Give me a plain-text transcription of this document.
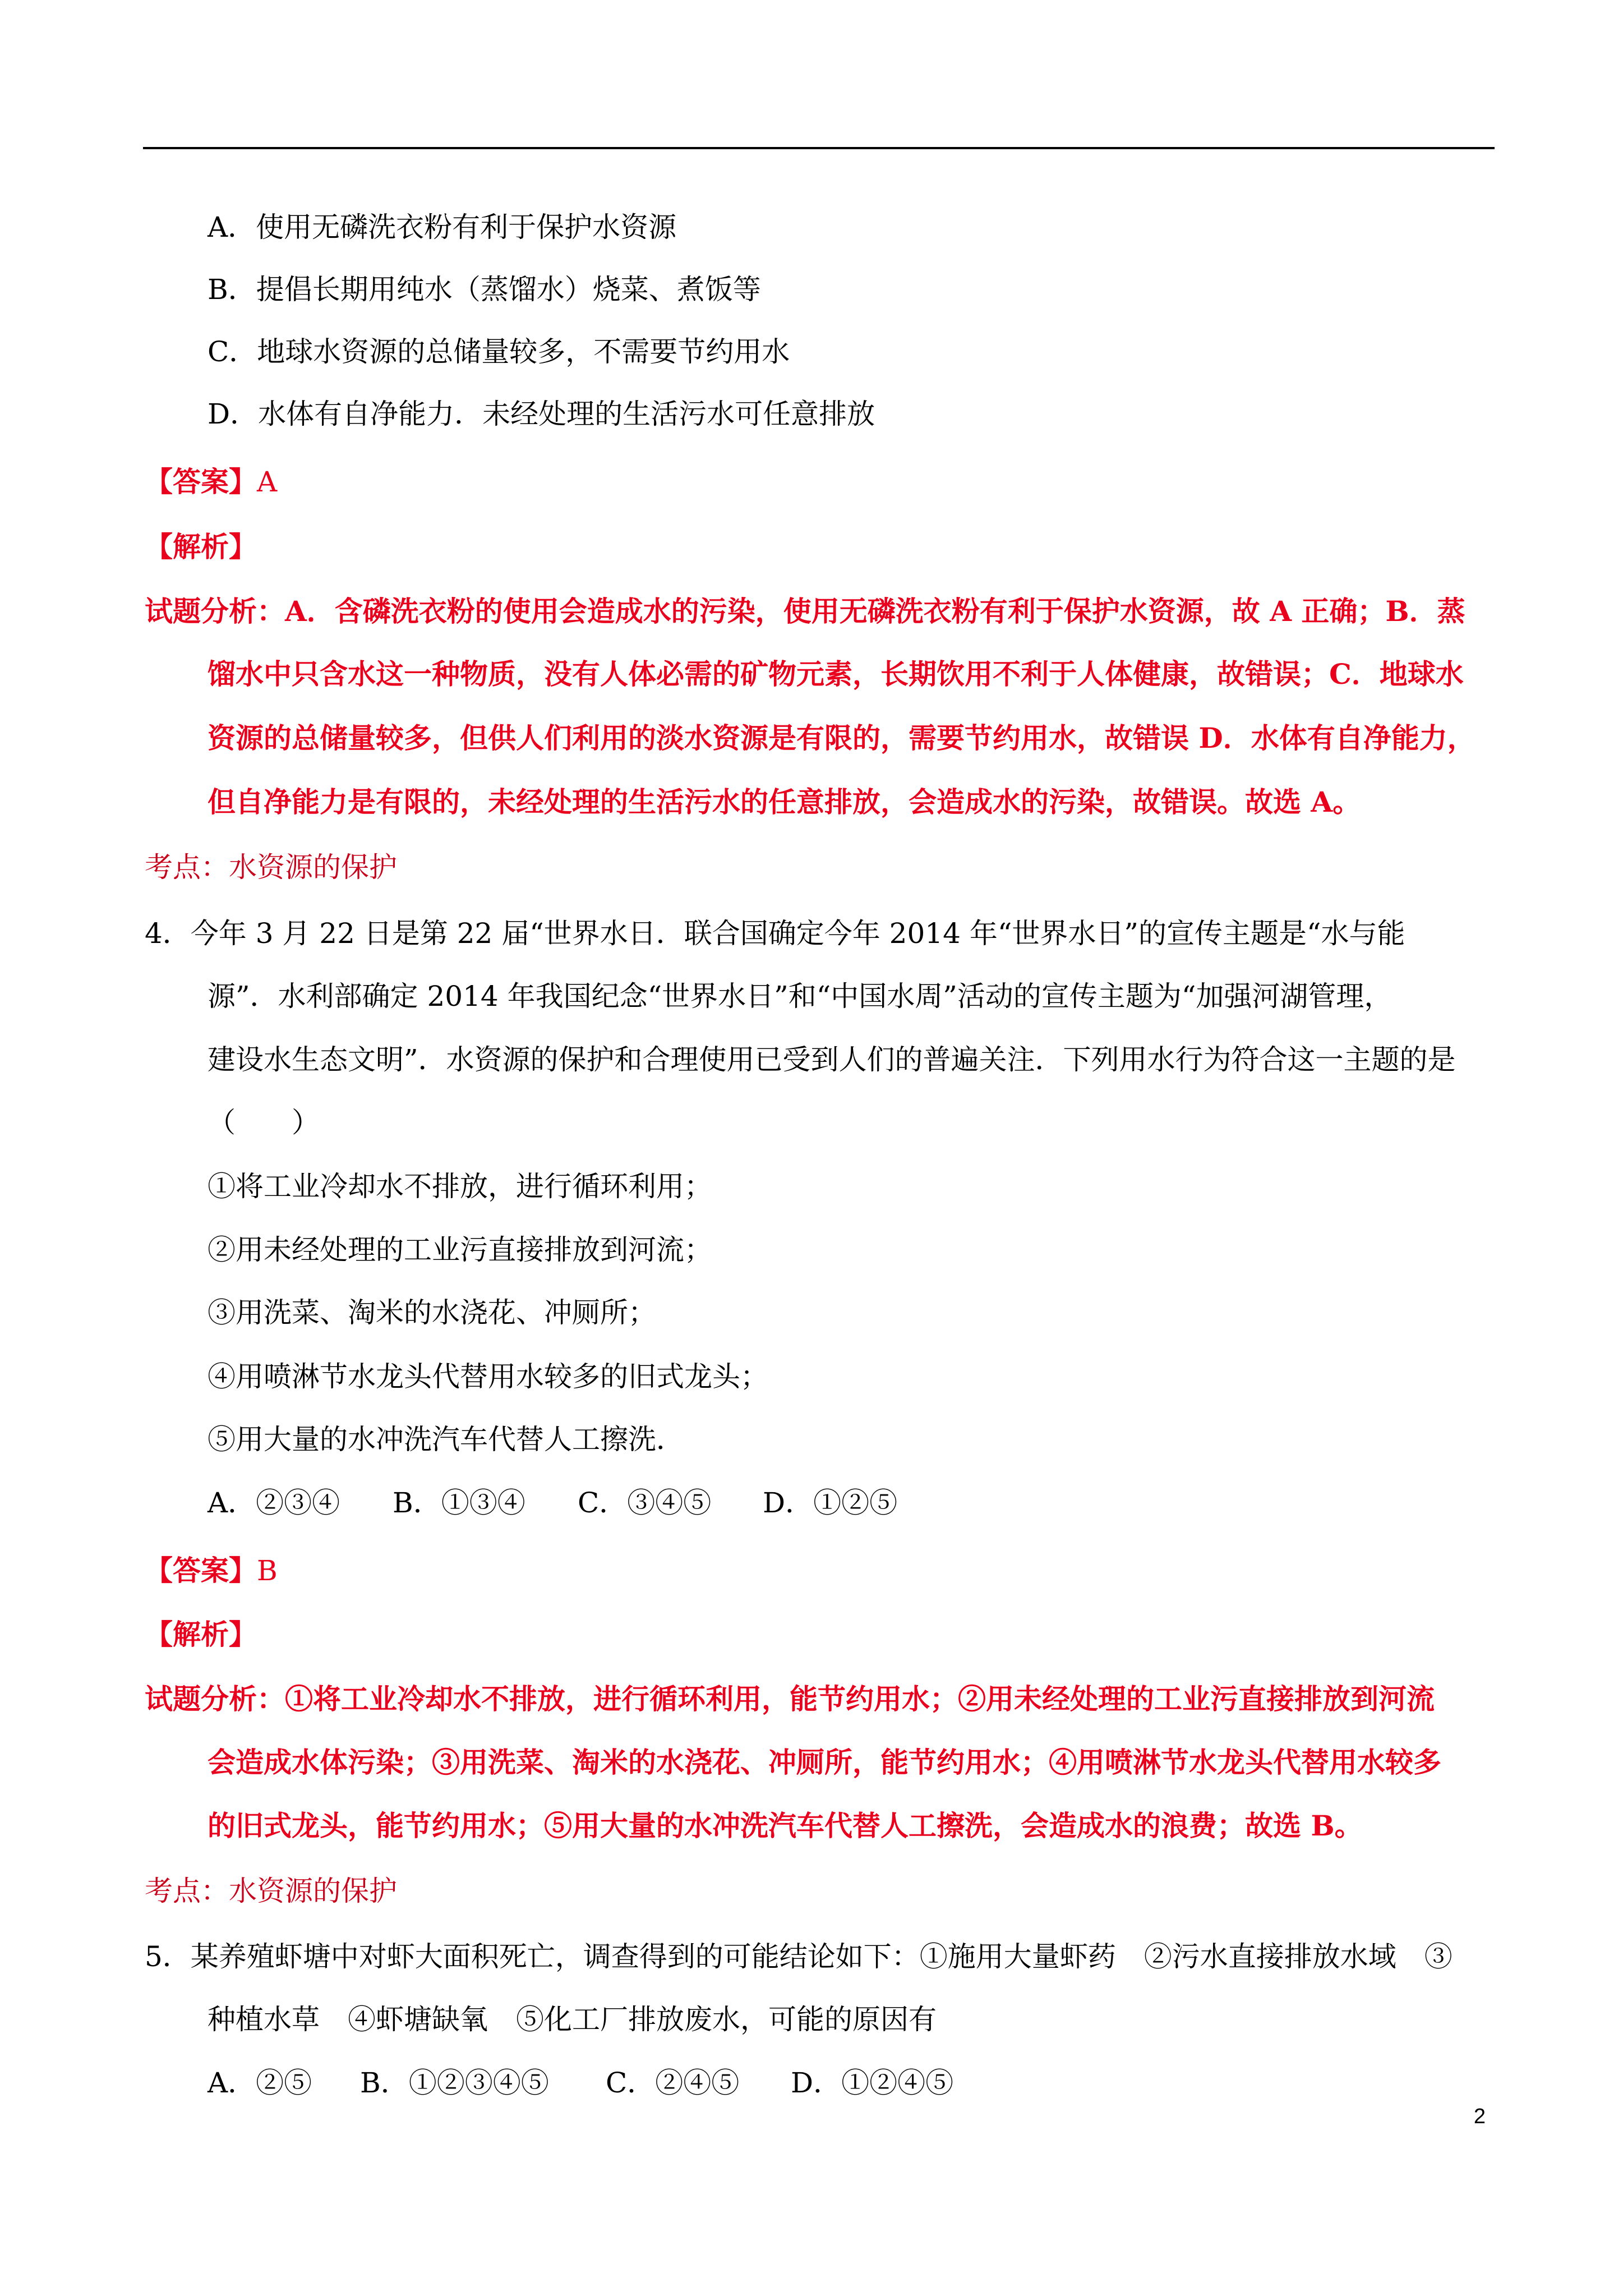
A．使用无磷洗衣粉有利于保护水资源
B．提倡长期用纯水（蒸馏水）烧菜、煮饭等
C．地球水资源的总储量较多，不需要节约用水
D．水体有自净能力．未经处理的生活污水可任意排放
【答案】A
【解析】
试题分析：A．含磷洗衣粉的使用会造成水的污染，使用无磷洗衣粉有利于保护水资源，故 A 正确；B．蒸
馏水中只含水这一种物质，没有人体必需的矿物元素，长期饮用不利于人体健康，故错误；C．地球水
资源的总储量较多，但供人们利用的淡水资源是有限的，需要节约用水，故错误 D．水体有自净能力，
但自净能力是有限的，未经处理的生活污水的任意排放，会造成水的污染，故错误。故选 A。
考点：水资源的保护
4．今年 3 月 22 日是第 22 届“世界水日．联合国确定今年 2014 年“世界水日”的宣传主题是“水与能
源”．水利部确定 2014 年我国纪念“世界水日”和“中国水周”活动的宣传主题为“加强河湖管理，
建设水生态文明”．水资源的保护和合理使用已受到人们的普遍关注．下列用水行为符合这一主题的是
（　　）
①将工业冷却水不排放，进行循环利用；
②用未经处理的工业污直接排放到河流；
③用洗菜、淘米的水浇花、冲厕所；
④用喷淋节水龙头代替用水较多的旧式龙头；
⑤用大量的水冲洗汽车代替人工擦洗．
A．②③④ B．①③④ C．③④⑤ D．①②⑤
【答案】B
【解析】
试题分析：①将工业冷却水不排放，进行循环利用，能节约用水；②用未经处理的工业污直接排放到河流
会造成水体污染；③用洗菜、淘米的水浇花、冲厕所，能节约用水；④用喷淋节水龙头代替用水较多
的旧式龙头，能节约用水；⑤用大量的水冲洗汽车代替人工擦洗，会造成水的浪费；故选 B。
考点：水资源的保护
5．某养殖虾塘中对虾大面积死亡，调查得到的可能结论如下：①施用大量虾药　②污水直接排放水域　③
种植水草　④虾塘缺氧　⑤化工厂排放废水，可能的原因有
A．②⑤ B．①②③④⑤ C．②④⑤ D．①②④⑤
2
